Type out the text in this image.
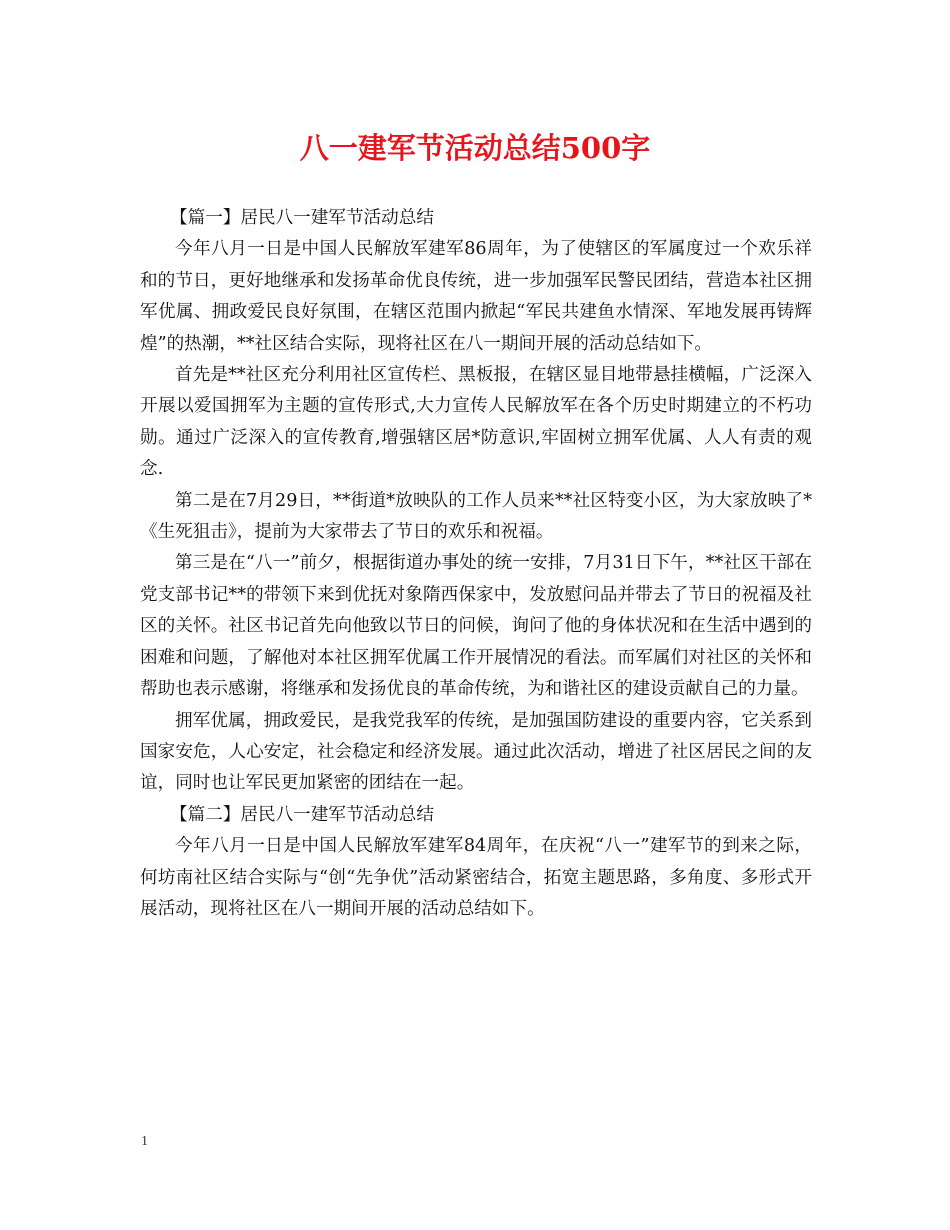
八一建军节活动总结500字

【篇一】居民八一建军节活动总结

今年八月一日是中国人民解放军建军86周年，为了使辖区的军属度过一个欢乐祥和的节日，更好地继承和发扬革命优良传统，进一步加强军民警民团结，营造本社区拥军优属、拥政爱民良好氛围，在辖区范围内掀起“军民共建鱼水情深、军地发展再铸辉煌”的热潮，**社区结合实际，现将社区在八一期间开展的活动总结如下。

首先是**社区充分利用社区宣传栏、黑板报，在辖区显目地带悬挂横幅，广泛深入开展以爱国拥军为主题的宣传形式,大力宣传人民解放军在各个历史时期建立的不朽功勋。通过广泛深入的宣传教育,增强辖区居*防意识,牢固树立拥军优属、人人有责的观念.

第二是在7月29日，**街道*放映队的工作人员来**社区特变小区，为大家放映了*《生死狙击》，提前为大家带去了节日的欢乐和祝福。

第三是在“八一”前夕，根据街道办事处的统一安排，7月31日下午，**社区干部在党支部书记**的带领下来到优抚对象隋西保家中，发放慰问品并带去了节日的祝福及社区的关怀。社区书记首先向他致以节日的问候，询问了他的身体状况和在生活中遇到的困难和问题，了解他对本社区拥军优属工作开展情况的看法。而军属们对社区的关怀和帮助也表示感谢，将继承和发扬优良的革命传统，为和谐社区的建设贡献自己的力量。

拥军优属，拥政爱民，是我党我军的传统，是加强国防建设的重要内容，它关系到国家安危，人心安定，社会稳定和经济发展。通过此次活动，增进了社区居民之间的友谊，同时也让军民更加紧密的团结在一起。

【篇二】居民八一建军节活动总结

今年八月一日是中国人民解放军建军84周年，在庆祝“八一”建军节的到来之际，何坊南社区结合实际与“创“先争优”活动紧密结合，拓宽主题思路，多角度、多形式开展活动，现将社区在八一期间开展的活动总结如下。

1
